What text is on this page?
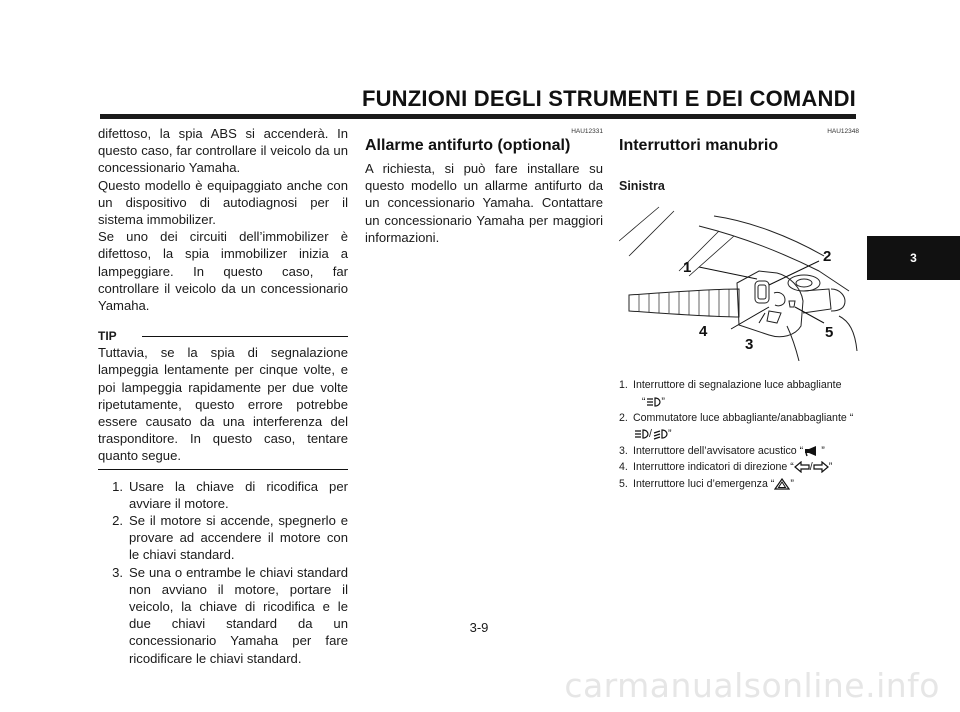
FUNZIONI DEGLI STRUMENTI E DEI COMANDI
3

difettoso, la spia ABS si accenderà. In questo caso, far controllare il veicolo da un concessionario Yamaha.

Questo modello è equipaggiato anche con un dispositivo di autodiagnosi per il sistema immobilizer.

Se uno dei circuiti dell’immobilizer è difettoso, la spia immobilizer inizia a lampeggiare. In questo caso, far controllare il veicolo da un concessionario Yamaha.

TIP

Tuttavia, se la spia di segnalazione lampeggia lentamente per cinque volte, e poi lampeggia rapidamente per due volte ripetutamente, questo errore potrebbe essere causato da una interferenza del trasponditore. In questo caso, tentare quanto segue.

1. Usare la chiave di ricodifica per avviare il motore.
2. Se il motore si accende, spegnerlo e provare ad accendere il motore con le chiavi standard.
3. Se una o entrambe le chiavi standard non avviano il motore, portare il veicolo, la chiave di ricodifica e le due chiavi standard da un concessionario Yamaha per fare ricodificare le chiavi standard.
HAU12331
Allarme antifurto (optional)

A richiesta, si può fare installare su questo modello un allarme antifurto da un concessionario Yamaha. Contattare un concessionario Yamaha per maggiori informazioni.

HAU12348
Interruttori manubrio
Sinistra
1
2
3
4	5
1. Interruttore di segnalazione luce abbagliante
“ ”
2. Commutatore luce abbagliante/anabbagliante “/ ”
3. Interruttore dell’avvisatore acustico “ ”
4. Interruttore indicatori di direzione “ / ”
5. Interruttore luci d’emergenza “ ”
3-9
carmanualsonline.info
